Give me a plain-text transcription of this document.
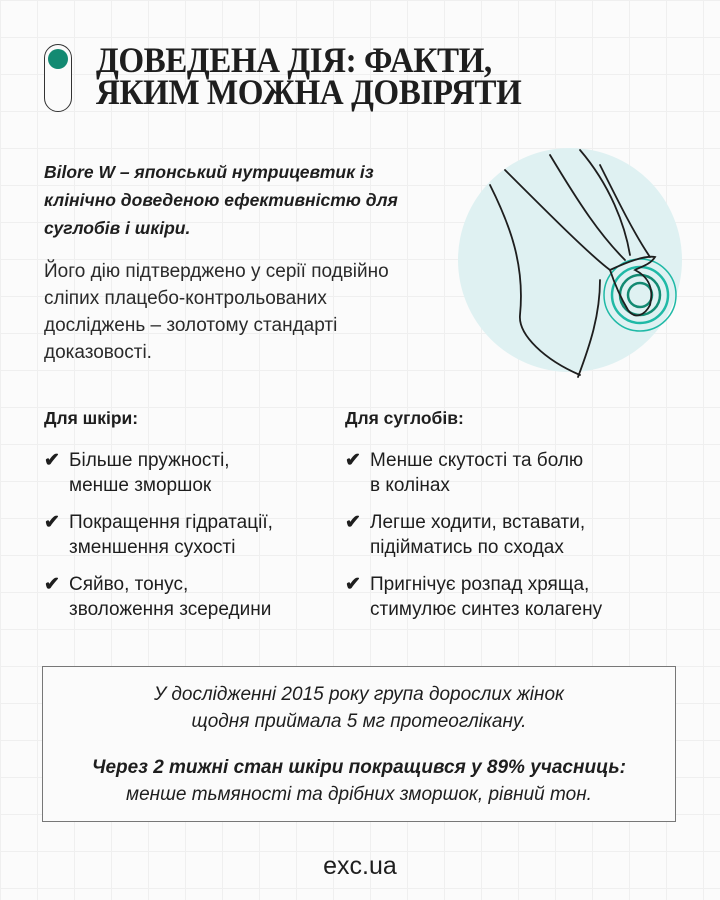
ДОВЕДЕНА ДІЯ: ФАКТИ,
ЯКИМ МОЖНА ДОВІРЯТИ
Bilore W – японський нутрицевтик із клінічно доведеною ефективністю для суглобів і шкіри.
Його дію підтверджено у серії подвійно сліпих плацебо-контрольованих досліджень – золотому стандарті доказовості.
Для шкіри:
✔ Більше пружності,
менше зморшок
✔ Покращення гідратації,
зменшення сухості
✔ Сяйво, тонус,
зволоження зсередини
Для суглобів:
✔ Менше скутості та болю
в колінах
✔ Легше ходити, вставати,
підійматись по сходах
✔ Пригнічує розпад хряща,
стимулює синтез колагену
У дослідженні 2015 року група дорослих жінок
щодня приймала 5 мг протеоглікану.
Через 2 тижні стан шкіри покращився у 89% учасниць:
менше тьмяності та дрібних зморшок, рівний тон.
exc.ua
